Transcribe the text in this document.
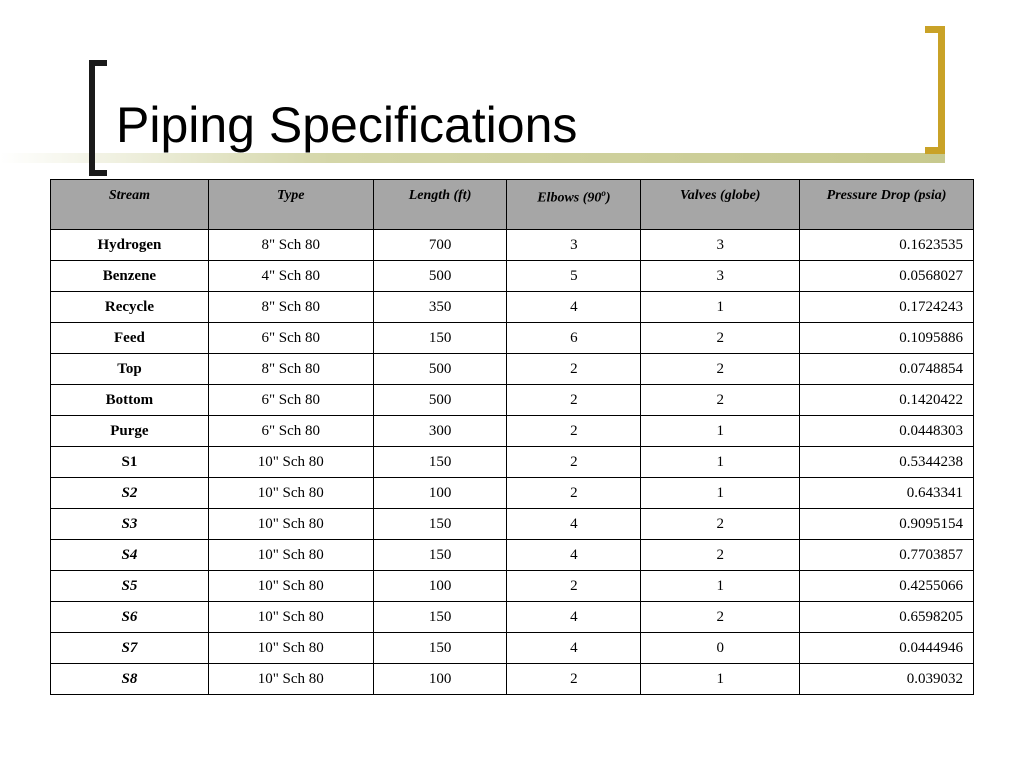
Piping Specifications
Stream	Type	Length (ft)	Elbows (90$^o$)	Valves (globe)	Pressure Drop (psia)
Hydrogen	8" Sch 80	700	3	3	0.1623535
Benzene	4" Sch 80	500	5	3	0.0568027
Recycle	8" Sch 80	350	4	1	0.1724243
Feed	6" Sch 80	150	6	2	0.1095886
Top	8" Sch 80	500	2	2	0.0748854
Bottom	6" Sch 80	500	2	2	0.1420422
Purge	6" Sch 80	300	2	1	0.0448303
S1	10" Sch 80	150	2	1	0.5344238
S2	10" Sch 80	100	2	1	0.643341
S3	10" Sch 80	150	4	2	0.9095154
S4	10" Sch 80	150	4	2	0.7703857
S5	10" Sch 80	100	2	1	0.4255066
S6	10" Sch 80	150	4	2	0.6598205
S7	10" Sch 80	150	4	0	0.0444946
S8	10" Sch 80	100	2	1	0.039032
